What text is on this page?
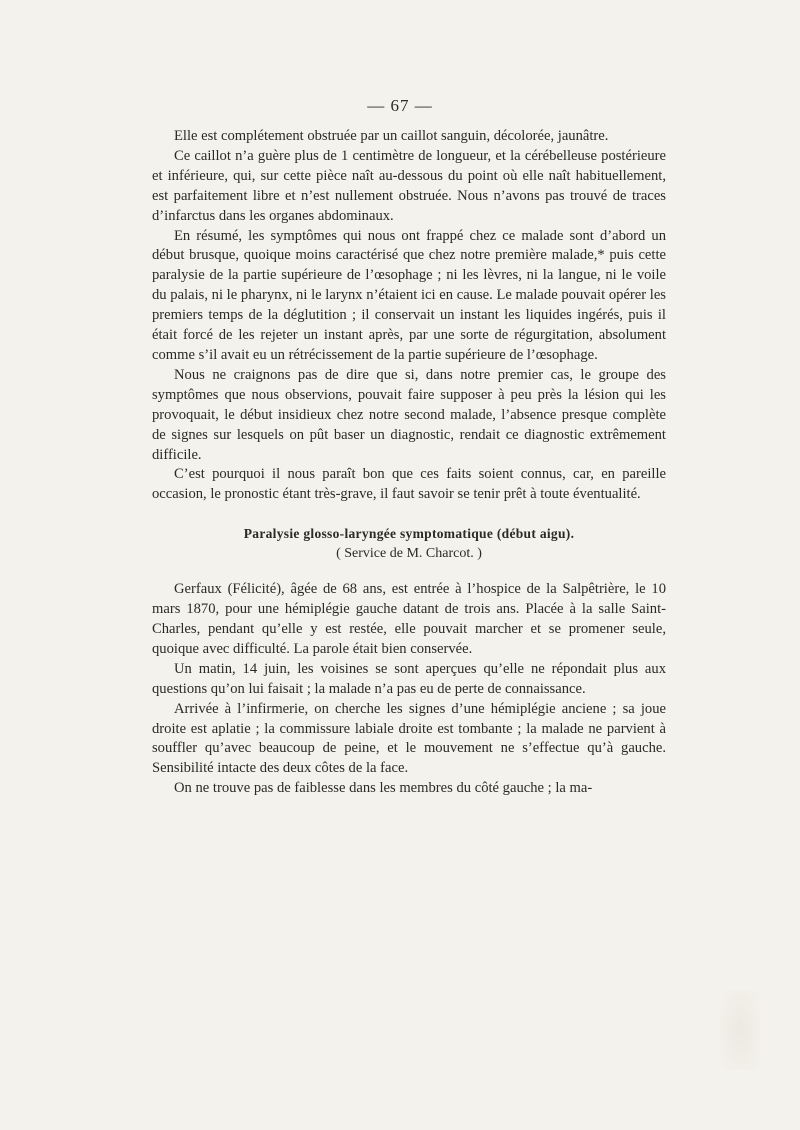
— 67 —

Elle est complétement obstruée par un caillot sanguin, décolorée, jaunâtre.

Ce caillot n’a guère plus de 1 centimètre de longueur, et la cérébelleuse postérieure et inférieure, qui, sur cette pièce naît au-dessous du point où elle naît habituellement, est parfaitement libre et n’est nullement obstruée. Nous n’avons pas trouvé de traces d’infarctus dans les organes abdominaux.

En résumé, les symptômes qui nous ont frappé chez ce malade sont d’abord un début brusque, quoique moins caractérisé que chez notre première malade,* puis cette paralysie de la partie supérieure de l’œsophage ; ni les lèvres, ni la langue, ni le voile du palais, ni le pharynx, ni le larynx n’étaient ici en cause. Le malade pouvait opérer les premiers temps de la déglutition ; il conservait un instant les liquides ingérés, puis il était forcé de les rejeter un instant après, par une sorte de régurgitation, absolument comme s’il avait eu un rétrécissement de la partie supérieure de l’œsophage.

Nous ne craignons pas de dire que si, dans notre premier cas, le groupe des symptômes que nous observions, pouvait faire supposer à peu près la lésion qui les provoquait, le début insidieux chez notre second malade, l’absence presque complète de signes sur lesquels on pût baser un diagnostic, rendait ce diagnostic extrêmement difficile.

C’est pourquoi il nous paraît bon que ces faits soient connus, car, en pareille occasion, le pronostic étant très-grave, il faut savoir se tenir prêt à toute éventualité.

Paralysie glosso-laryngée symptomatique (début aigu).
( Service de M. Charcot. )

Gerfaux (Félicité), âgée de 68 ans, est entrée à l’hospice de la Salpêtrière, le 10 mars 1870, pour une hémiplégie gauche datant de trois ans. Placée à la salle Saint-Charles, pendant qu’elle y est restée, elle pouvait marcher et se promener seule, quoique avec difficulté. La parole était bien conservée.

Un matin, 14 juin, les voisines se sont aperçues qu’elle ne répondait plus aux questions qu’on lui faisait ; la malade n’a pas eu de perte de connaissance.

Arrivée à l’infirmerie, on cherche les signes d’une hémiplégie anciene ; sa joue droite est aplatie ; la commissure labiale droite est tombante ; la malade ne parvient à souffler qu’avec beaucoup de peine, et le mouvement ne s’effectue qu’à gauche. Sensibilité intacte des deux côtes de la face.

On ne trouve pas de faiblesse dans les membres du côté gauche ; la ma-
